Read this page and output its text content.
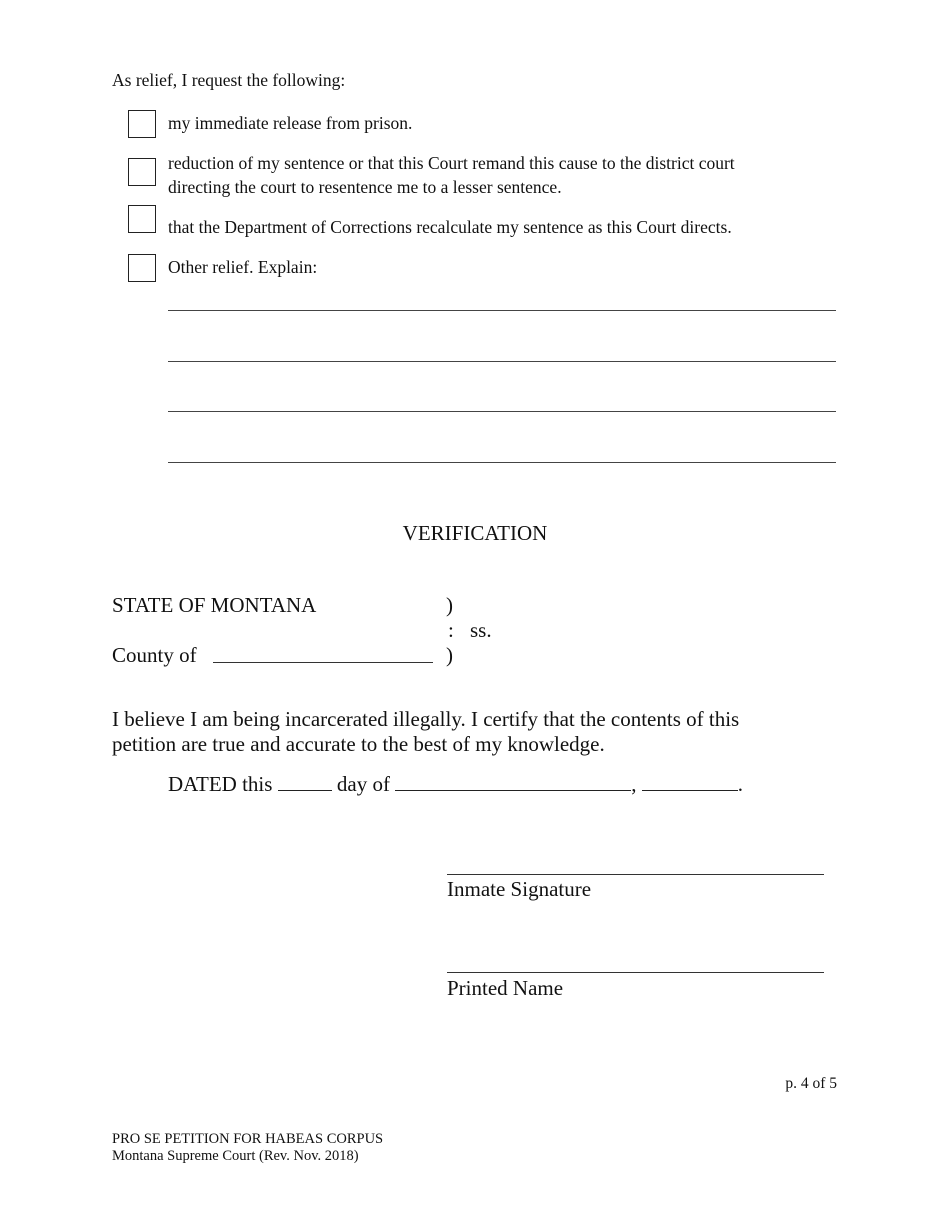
As relief, I request the following:
my immediate release from prison.
reduction of my sentence or that this Court remand this cause to the district court
directing the court to resentence me to a lesser sentence.
that the Department of Corrections recalculate my sentence as this Court directs.
Other relief. Explain:
VERIFICATION
STATE OF MONTANA	)
: ss.
County of	)
I believe I am being incarcerated illegally. I certify that the contents of this
petition are true and accurate to the best of my knowledge.
DATED this	day of	,	.
Inmate Signature
Printed Name
p. 4 of 5
PRO SE PETITION FOR HABEAS CORPUS
Montana Supreme Court (Rev. Nov. 2018)
